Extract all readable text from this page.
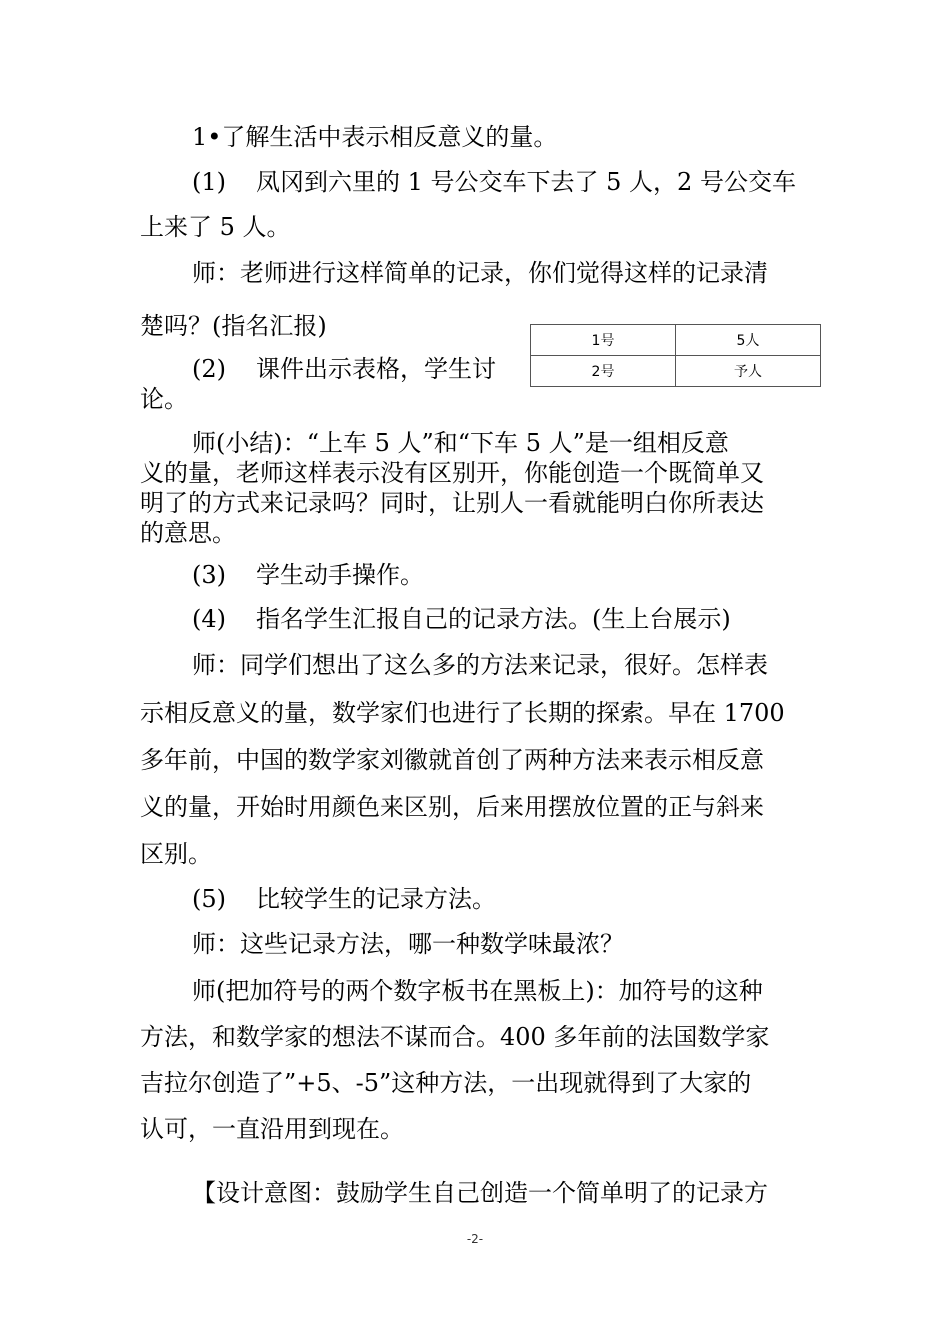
1•了解生活中表示相反意义的量。
(1) 凤冈到六里的 1 号公交车下去了 5 人，2 号公交车
上来了 5 人。
师：老师进行这样简单的记录，你们觉得这样的记录清
楚吗？(指名汇报)
1号	5人
2号	予人
(2) 课件出示表格，学生讨
论。
师(小结)：“上车 5 人”和“下车 5 人”是一组相反意
义的量，老师这样表示没有区别开，你能创造一个既简单又
明了的方式来记录吗？同时，让别人一看就能明白你所表达
的意思。
(3) 学生动手操作。
(4) 指名学生汇报自己的记录方法。(生上台展示)
师：同学们想出了这么多的方法来记录，很好。怎样表
示相反意义的量，数学家们也进行了长期的探索。早在 1700
多年前，中国的数学家刘徽就首创了两种方法来表示相反意
义的量，开始时用颜色来区别，后来用摆放位置的正与斜来
区别。
(5) 比较学生的记录方法。
师：这些记录方法，哪一种数学味最浓？
师(把加符号的两个数字板书在黑板上)：加符号的这种
方法，和数学家的想法不谋而合。400 多年前的法国数学家
吉拉尔创造了”+5、-5”这种方法，一出现就得到了大家的
认可，一直沿用到现在。
【设计意图：鼓励学生自己创造一个简单明了的记录方
-2-
